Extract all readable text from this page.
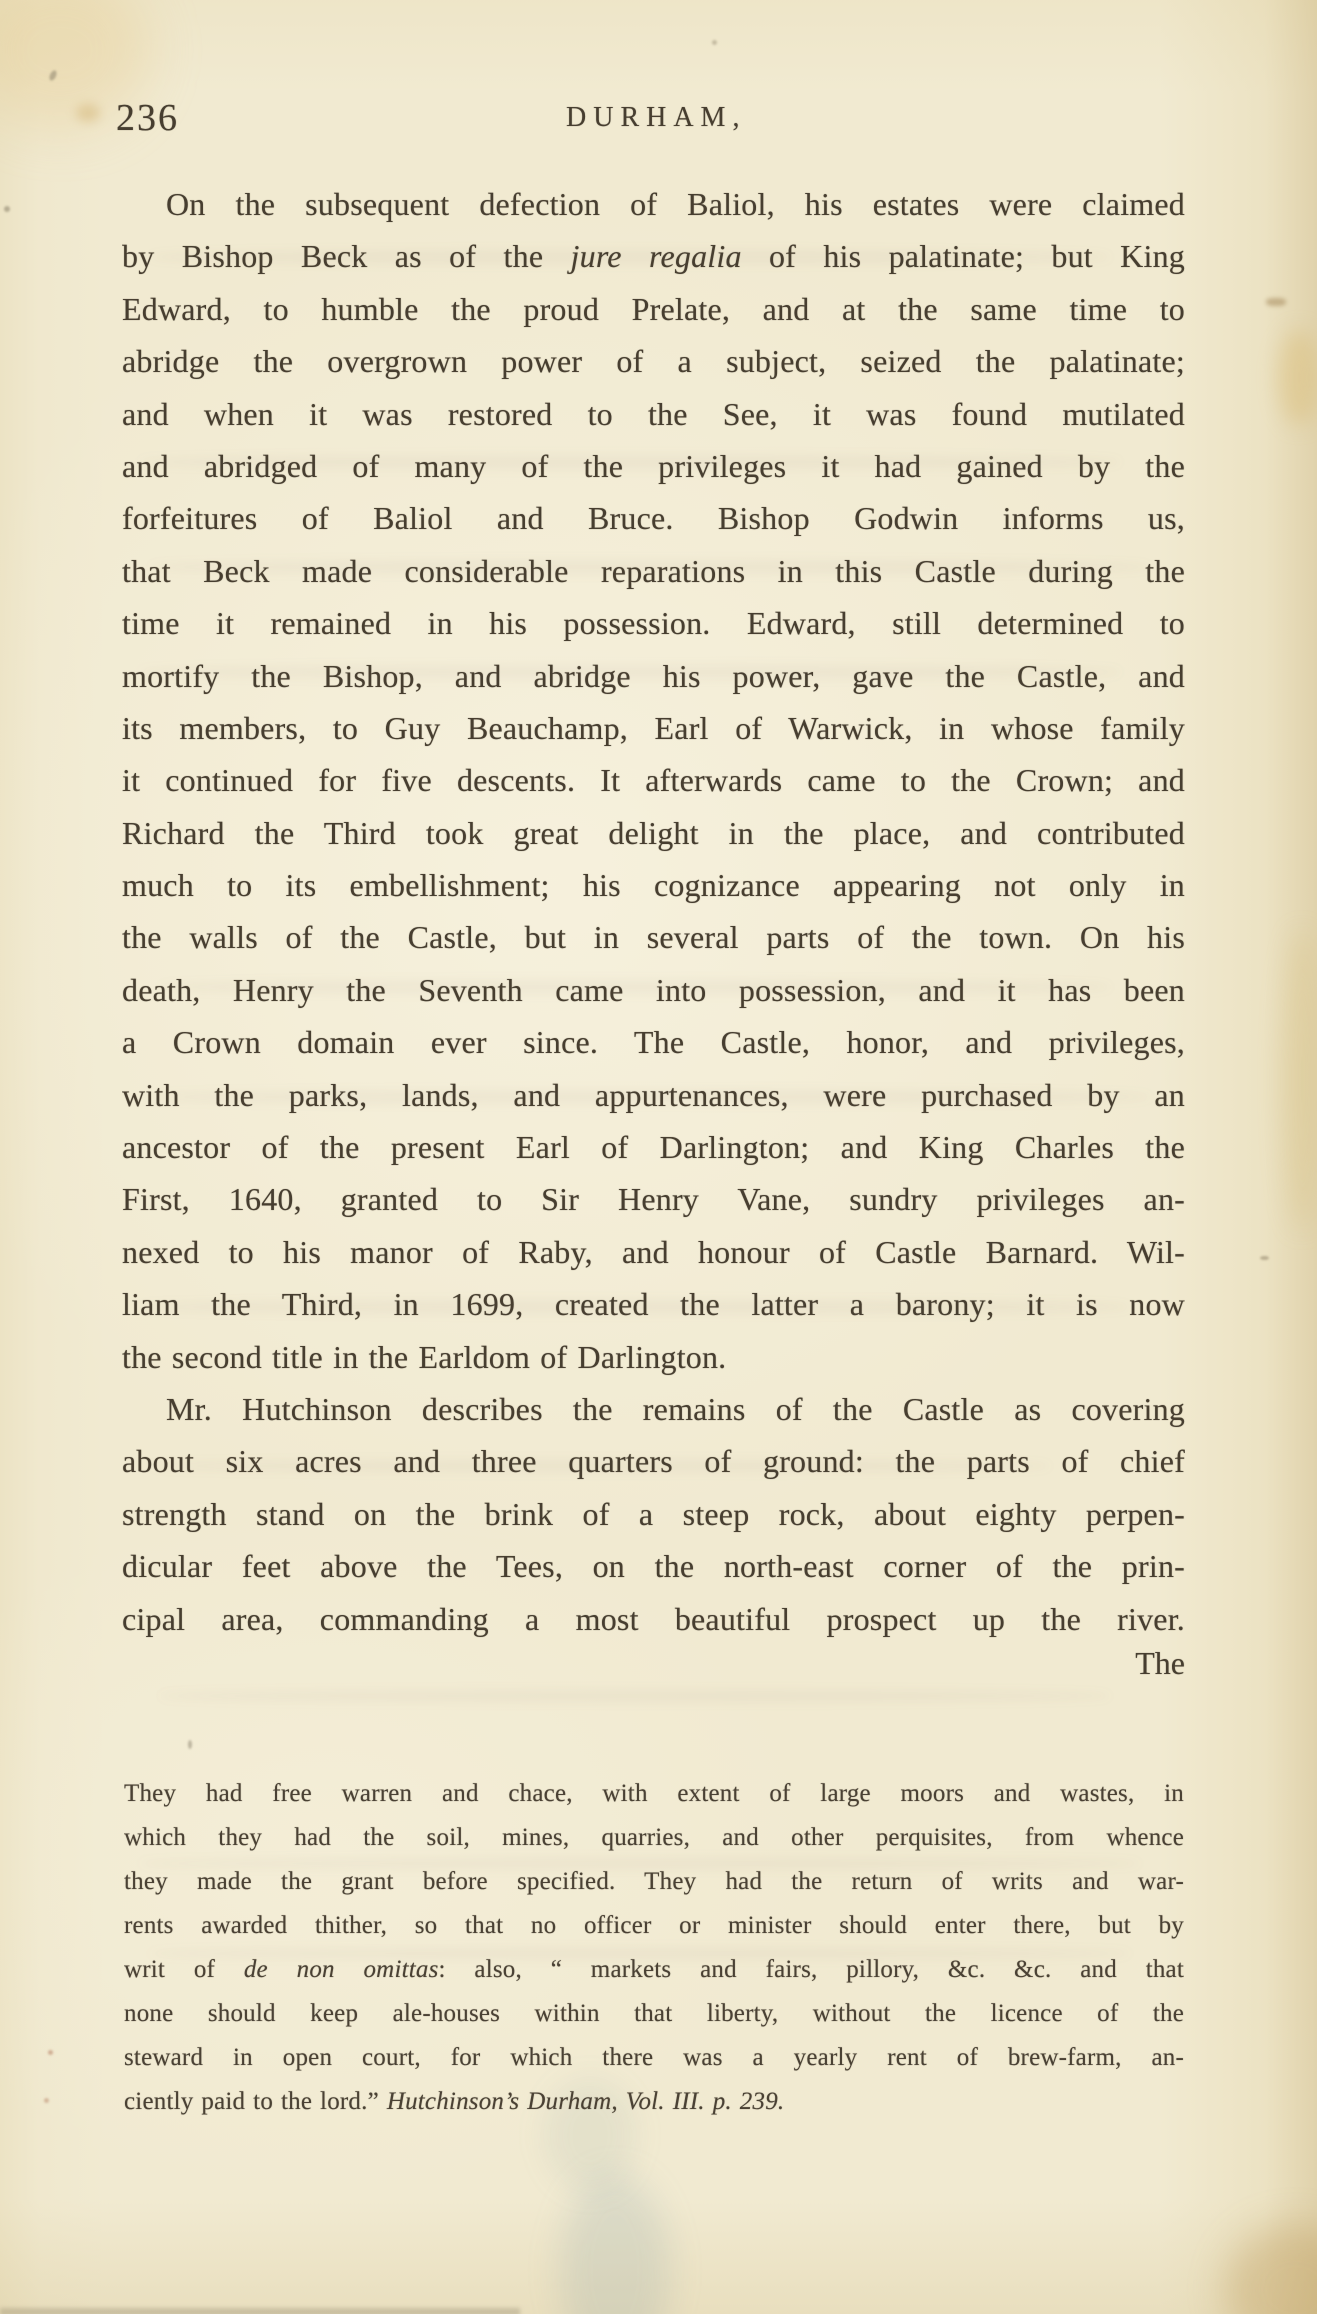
236	DURHAM,
On the subsequent defection of Baliol, his estates were claimed
by Bishop Beck as of the jure regalia of his palatinate; but King
Edward, to humble the proud Prelate, and at the same time to
abridge the overgrown power of a subject, seized the palatinate;
and when it was restored to the See, it was found mutilated
and abridged of many of the privileges it had gained by the
forfeitures of Baliol and Bruce. Bishop Godwin informs us,
that Beck made considerable reparations in this Castle during the
time it remained in his possession. Edward, still determined to
mortify the Bishop, and abridge his power, gave the Castle, and
its members, to Guy Beauchamp, Earl of Warwick, in whose family
it continued for five descents. It afterwards came to the Crown; and
Richard the Third took great delight in the place, and contributed
much to its embellishment; his cognizance appearing not only in
the walls of the Castle, but in several parts of the town. On his
death, Henry the Seventh came into possession, and it has been
a Crown domain ever since. The Castle, honor, and privileges,
with the parks, lands, and appurtenances, were purchased by an
ancestor of the present Earl of Darlington; and King Charles the
First, 1640, granted to Sir Henry Vane, sundry privileges an-
nexed to his manor of Raby, and honour of Castle Barnard. Wil-
liam the Third, in 1699, created the latter a barony; it is now
the second title in the Earldom of Darlington.
Mr. Hutchinson describes the remains of the Castle as covering
about six acres and three quarters of ground: the parts of chief
strength stand on the brink of a steep rock, about eighty perpen-
dicular feet above the Tees, on the north-east corner of the prin-
cipal area, commanding a most beautiful prospect up the river.
The
They had free warren and chace, with extent of large moors and wastes, in
which they had the soil, mines, quarries, and other perquisites, from whence
they made the grant before specified. They had the return of writs and war-
rents awarded thither, so that no officer or minister should enter there, but by
writ of de non omittas: also, “ markets and fairs, pillory, &c. &c. and that
none should keep ale-houses within that liberty, without the licence of the
steward in open court, for which there was a yearly rent of brew-farm, an-
ciently paid to the lord.” Hutchinson’s Durham, Vol. III. p. 239.
